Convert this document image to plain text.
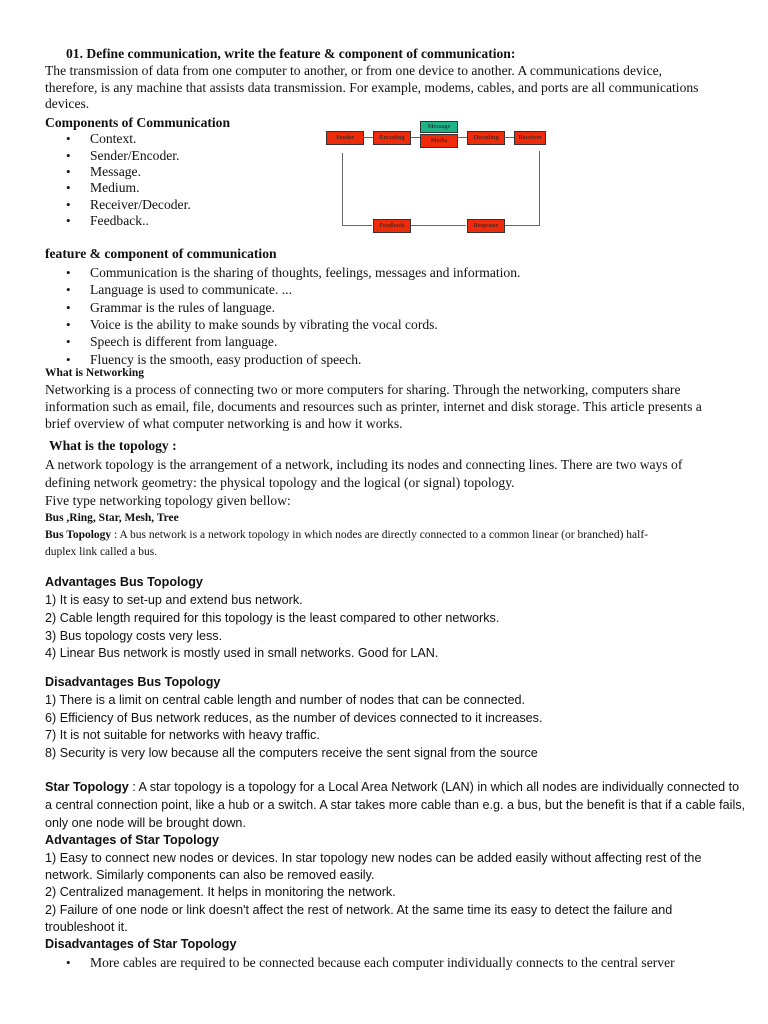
01. Define communication, write the feature & component of communication:
The transmission of data from one computer to another, or from one device to another. A communications device,
therefore, is any machine that assists data transmission. For example, modems, cables, and ports are all communications
devices.
Components of Communication
• Context.
• Sender/Encoder.
• Message.
• Medium.
• Receiver/Decoder.
• Feedback..
Sender	Encoding
Message
Media	Decoding	Receiver
Response
Feedback
feature & component of communication
• Communication is the sharing of thoughts, feelings, messages and information.
• Language is used to communicate. ...
• Grammar is the rules of language.
• Voice is the ability to make sounds by vibrating the vocal cords.
• Speech is different from language.
• Fluency is the smooth, easy production of speech.
What is Networking
Networking is a process of connecting two or more computers for sharing. Through the networking, computers share
information such as email, file, documents and resources such as printer, internet and disk storage. This article presents a
brief overview of what computer networking is and how it works.
What is the topology :
A network topology is the arrangement of a network, including its nodes and connecting lines. There are two ways of
defining network geometry: the physical topology and the logical (or signal) topology.
Five type networking topology given bellow:
Bus ,Ring, Star, Mesh, Tree
Bus Topology : A bus network is a network topology in which nodes are directly connected to a common linear (or branched) half-
duplex link called a bus.
Advantages Bus Topology
1) It is easy to set-up and extend bus network.
2) Cable length required for this topology is the least compared to other networks.
3) Bus topology costs very less.
4) Linear Bus network is mostly used in small networks. Good for LAN.
Disadvantages Bus Topology
1) There is a limit on central cable length and number of nodes that can be connected.
6) Efficiency of Bus network reduces, as the number of devices connected to it increases.
7) It is not suitable for networks with heavy traffic.
8) Security is very low because all the computers receive the sent signal from the source
Star Topology : A star topology is a topology for a Local Area Network (LAN) in which all nodes are individually connected to
a central connection point, like a hub or a switch. A star takes more cable than e.g. a bus, but the benefit is that if a cable fails,
only one node will be brought down.
Advantages of Star Topology
1) Easy to connect new nodes or devices. In star topology new nodes can be added easily without affecting rest of the
network. Similarly components can also be removed easily.
2) Centralized management. It helps in monitoring the network.
2) Failure of one node or link doesn't affect the rest of network. At the same time its easy to detect the failure and
troubleshoot it.
Disadvantages of Star Topology
• More cables are required to be connected because each computer individually connects to the central server
